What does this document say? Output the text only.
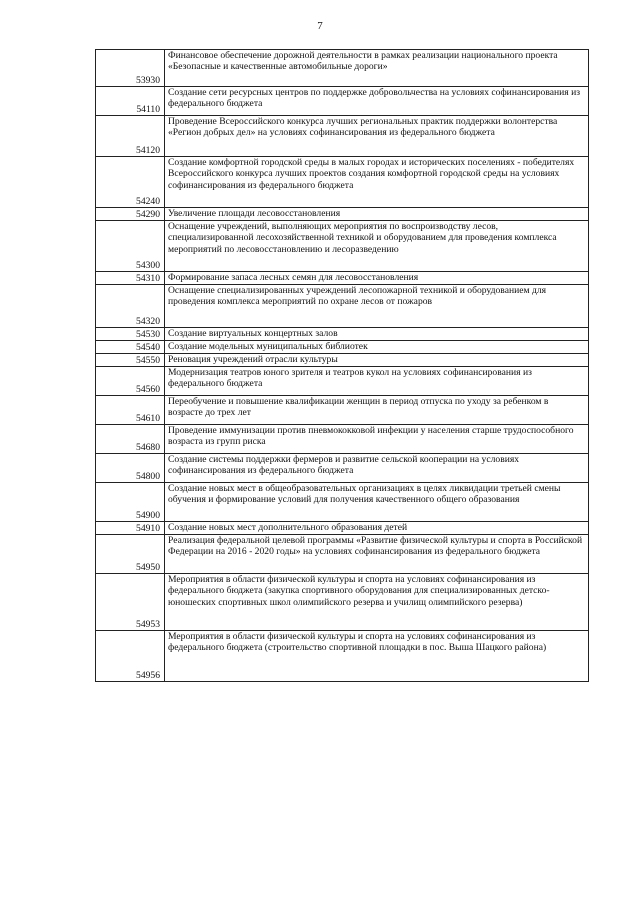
7
53930	Финансовое обеспечение дорожной деятельности в рамках реализации национального проекта «Безопасные и качественные автомобильные дороги»
54110	Создание сети ресурсных центров по поддержке добровольчества на условиях софинансирования из федерального бюджета
54120	Проведение Всероссийского конкурса лучших региональных практик поддержки волонтерства «Регион добрых дел» на условиях софинансирования из федерального бюджета
54240	Создание комфортной городской среды в малых городах и исторических поселениях - победителях Всероссийского конкурса лучших проектов создания комфортной городской среды на условиях софинансирования из федерального бюджета
54290	Увеличение площади лесовосстановления
54300	Оснащение учреждений, выполняющих мероприятия по воспроизводству лесов, специализированной лесохозяйственной техникой и оборудованием для проведения комплекса мероприятий по лесовосстановлению и лесоразведению
54310	Формирование запаса лесных семян для лесовосстановления
54320	Оснащение специализированных учреждений лесопожарной техникой и оборудованием для проведения комплекса мероприятий по охране лесов от пожаров
54530	Создание виртуальных концертных залов
54540	Создание модельных муниципальных библиотек
54550	Реновация учреждений отрасли культуры
54560	Модернизация театров юного зрителя и театров кукол на условиях софинансирования из федерального бюджета
54610	Переобучение и повышение квалификации женщин в период отпуска по уходу за ребенком в возрасте до трех лет
54680	Проведение иммунизации против пневмококковой инфекции у населения старше трудоспособного возраста из групп риска
54800	Создание системы поддержки фермеров и развитие сельской кооперации на условиях софинансирования из федерального бюджета
54900	Создание новых мест в общеобразовательных организациях в целях ликвидации третьей смены обучения и формирование условий для получения качественного общего образования
54910	Создание новых мест дополнительного образования детей
54950	Реализация федеральной целевой программы «Развитие физической культуры и спорта в Российской Федерации на 2016 - 2020 годы» на условиях софинансирования из федерального бюджета
54953	Мероприятия в области физической культуры и спорта на условиях софинансирования из федерального бюджета (закупка спортивного оборудования для специализированных детско-юношеских спортивных школ олимпийского резерва и училищ олимпийского резерва)
54956	Мероприятия в области физической культуры и спорта на условиях софинансирования из федерального бюджета (строительство спортивной площадки в пос. Выша Шацкого района)
